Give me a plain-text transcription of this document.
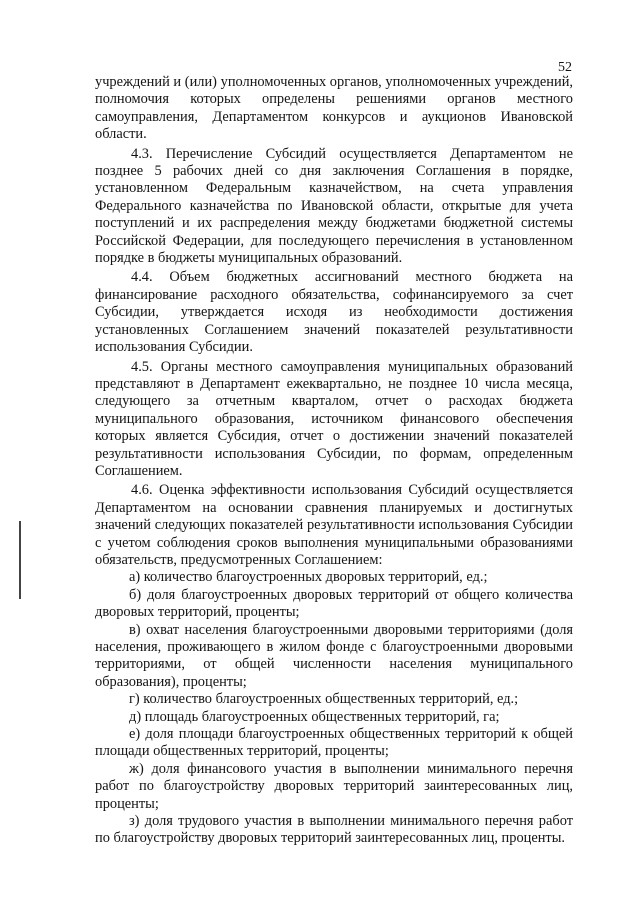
52

учреждений и (или) уполномоченных органов, уполномоченных учреждений, полномочия которых определены решениями органов местного самоуправления, Департаментом конкурсов и аукционов Ивановской области.

4.3. Перечисление Субсидий осуществляется Департаментом не позднее 5 рабочих дней со дня заключения Соглашения в порядке, установленном Федеральным казначейством, на счета управления Федерального казначейства по Ивановской области, открытые для учета поступлений и их распределения между бюджетами бюджетной системы Российской Федерации, для последующего перечисления в установленном порядке в бюджеты муниципальных образований.

4.4. Объем бюджетных ассигнований местного бюджета на финансирование расходного обязательства, софинансируемого за счет Субсидии, утверждается исходя из необходимости достижения установленных Соглашением значений показателей результативности использования Субсидии.

4.5. Органы местного самоуправления муниципальных образований представляют в Департамент ежеквартально, не позднее 10 числа месяца, следующего за отчетным кварталом, отчет о расходах бюджета муниципального образования, источником финансового обеспечения которых является Субсидия, отчет о достижении значений показателей результативности использования Субсидии, по формам, определенным Соглашением.

4.6. Оценка эффективности использования Субсидий осуществляется Департаментом на основании сравнения планируемых и достигнутых значений следующих показателей результативности использования Субсидии с учетом соблюдения сроков выполнения муниципальными образованиями обязательств, предусмотренных Соглашением:

а) количество благоустроенных дворовых территорий, ед.;

б) доля благоустроенных дворовых территорий от общего количества дворовых территорий, проценты;

в) охват населения благоустроенными дворовыми территориями (доля населения, проживающего в жилом фонде с благоустроенными дворовыми территориями, от общей численности населения муниципального образования), проценты;

г) количество благоустроенных общественных территорий, ед.;

д) площадь благоустроенных общественных территорий, га;

е) доля площади благоустроенных общественных территорий к общей площади общественных территорий, проценты;

ж) доля финансового участия в выполнении минимального перечня работ по благоустройству дворовых территорий заинтересованных лиц, проценты;

з) доля трудового участия в выполнении минимального перечня работ по благоустройству дворовых территорий заинтересованных лиц, проценты.
